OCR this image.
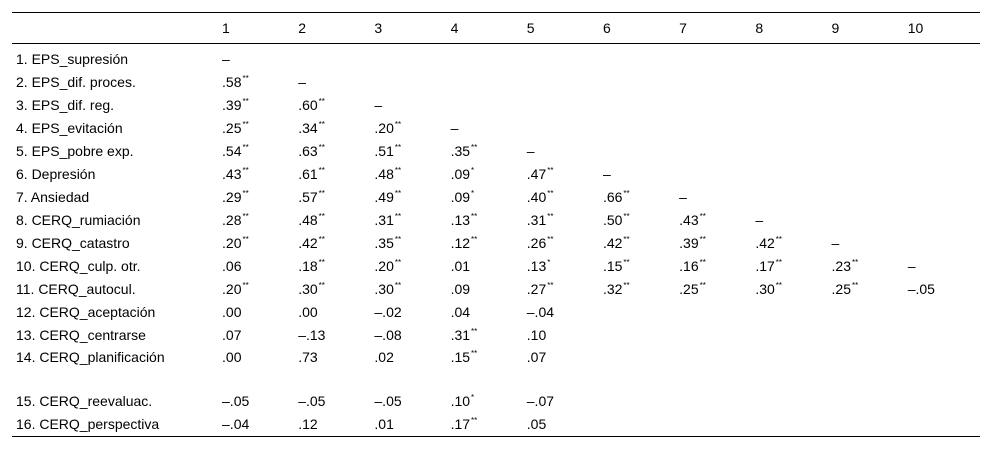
	1	2	3	4	5	6	7	8	9	10
1. EPS_supresión	–									
2. EPS_dif. proces.	.58**	–								
3. EPS_dif. reg.	.39**	.60**	–							
4. EPS_evitación	.25**	.34**	.20**	–						
5. EPS_pobre exp.	.54**	.63**	.51**	.35**	–					
6. Depresión	.43**	.61**	.48**	.09*	.47**	–				
7. Ansiedad	.29**	.57**	.49**	.09*	.40**	.66**	–			
8. CERQ_rumiación	.28**	.48**	.31**	.13**	.31**	.50**	.43**	–		
9. CERQ_catastro	.20**	.42**	.35**	.12**	.26**	.42**	.39**	.42**	–	
10. CERQ_culp. otr.	.06	.18**	.20**	.01	.13*	.15**	.16**	.17**	.23**	–
11. CERQ_autocul.	.20**	.30**	.30**	.09	.27**	.32**	.25**	.30**	.25**	–.05
12. CERQ_aceptación	.00	.00	–.02	.04	–.04					
13. CERQ_centrarse	.07	–.13	–.08	.31**	.10					
14. CERQ_planificación	.00	.73	.02	.15**	.07					
15. CERQ_reevaluac.	–.05	–.05	–.05	.10*	–.07					
16. CERQ_perspectiva	–.04	.12	.01	.17**	.05					
